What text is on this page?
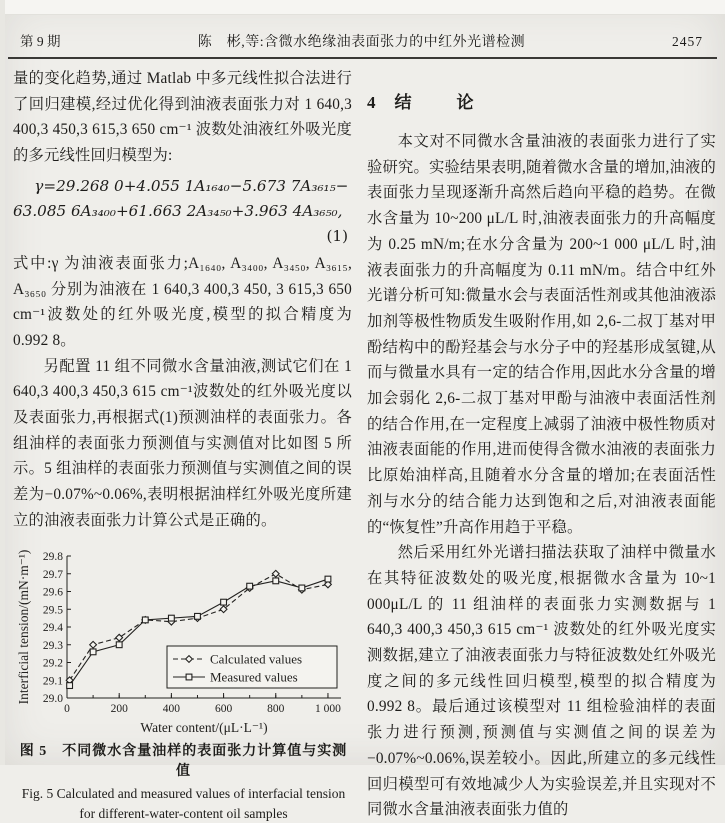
第 9 期	陈　彬,等:含微水绝缘油表面张力的中红外光谱检测	2457

量的变化趋势,通过 Matlab 中多元线性拟合法进行了回归建模,经过优化得到油液表面张力对 1 640,3 400,3 450,3 615,3 650 cm⁻¹ 波数处油液红外吸光度的多元线性回归模型为:

γ=29.268 0+4.055 1A₁₆₄₀−5.673 7A₃₆₁₅−
63.085 6A₃₄₀₀+61.663 2A₃₄₅₀+3.963 4A₃₆₅₀,
(1)

式中:γ 为油液表面张力;A₁₆₄₀, A₃₄₀₀, A₃₄₅₀, A₃₆₁₅, A₃₆₅₀ 分别为油液在 1 640,3 400,3 450, 3 615,3 650 cm⁻¹波数处的红外吸光度,模型的拟合精度为 0.992 8。

另配置 11 组不同微水含量油液,测试它们在 1 640,3 400,3 450,3 615 cm⁻¹波数处的红外吸光度以及表面张力,再根据式(1)预测油样的表面张力。各组油样的表面张力预测值与实测值对比如图 5 所示。5 组油样的表面张力预测值与实测值之间的误差为−0.07%~0.06%,表明根据油样红外吸光度所建立的油液表面张力计算公式是正确的。

29.0
29.1
29.2
29.3
29.4
29.5
29.6
29.7
29.8
0	200	400	600	800	1 000
Calculated values
Measured values
Water content/(μL·L⁻¹)
Interficial tension/(mN·m⁻¹)

图 5　不同微水含量油样的表面张力计算值与实测值

Fig. 5 Calculated and measured values of interfacial tension

for different-water-content oil samples

4 结　论

本文对不同微水含量油液的表面张力进行了实验研究。实验结果表明,随着微水含量的增加,油液的表面张力呈现逐渐升高然后趋向平稳的趋势。在微水含量为 10~200 μL/L 时,油液表面张力的升高幅度为 0.25 mN/m;在水分含量为 200~1 000 μL/L 时,油液表面张力的升高幅度为 0.11 mN/m。结合中红外光谱分析可知:微量水会与表面活性剂或其他油液添加剂等极性物质发生吸附作用,如 2,6-二叔丁基对甲酚结构中的酚羟基会与水分子中的羟基形成氢键,从而与微量水具有一定的结合作用,因此水分含量的增加会弱化 2,6-二叔丁基对甲酚与油液中表面活性剂的结合作用,在一定程度上减弱了油液中极性物质对油液表面能的作用,进而使得含微水油液的表面张力比原始油样高,且随着水分含量的增加;在表面活性剂与水分的结合能力达到饱和之后,对油液表面能的“恢复性”升高作用趋于平稳。

然后采用红外光谱扫描法获取了油样中微量水在其特征波数处的吸光度,根据微水含量为 10~1 000μL/L 的 11 组油样的表面张力实测数据与 1 640,3 400,3 450,3 615 cm⁻¹ 波数处的红外吸光度实测数据,建立了油液表面张力与特征波数处红外吸光度之间的多元线性回归模型,模型的拟合精度为 0.992 8。最后通过该模型对 11 组检验油样的表面张力进行预测,预测值与实测值之间的误差为−0.07%~0.06%,误差较小。因此,所建立的多元线性回归模型可有效地减少人为实验误差,并且实现对不同微水含量油液表面张力值的
